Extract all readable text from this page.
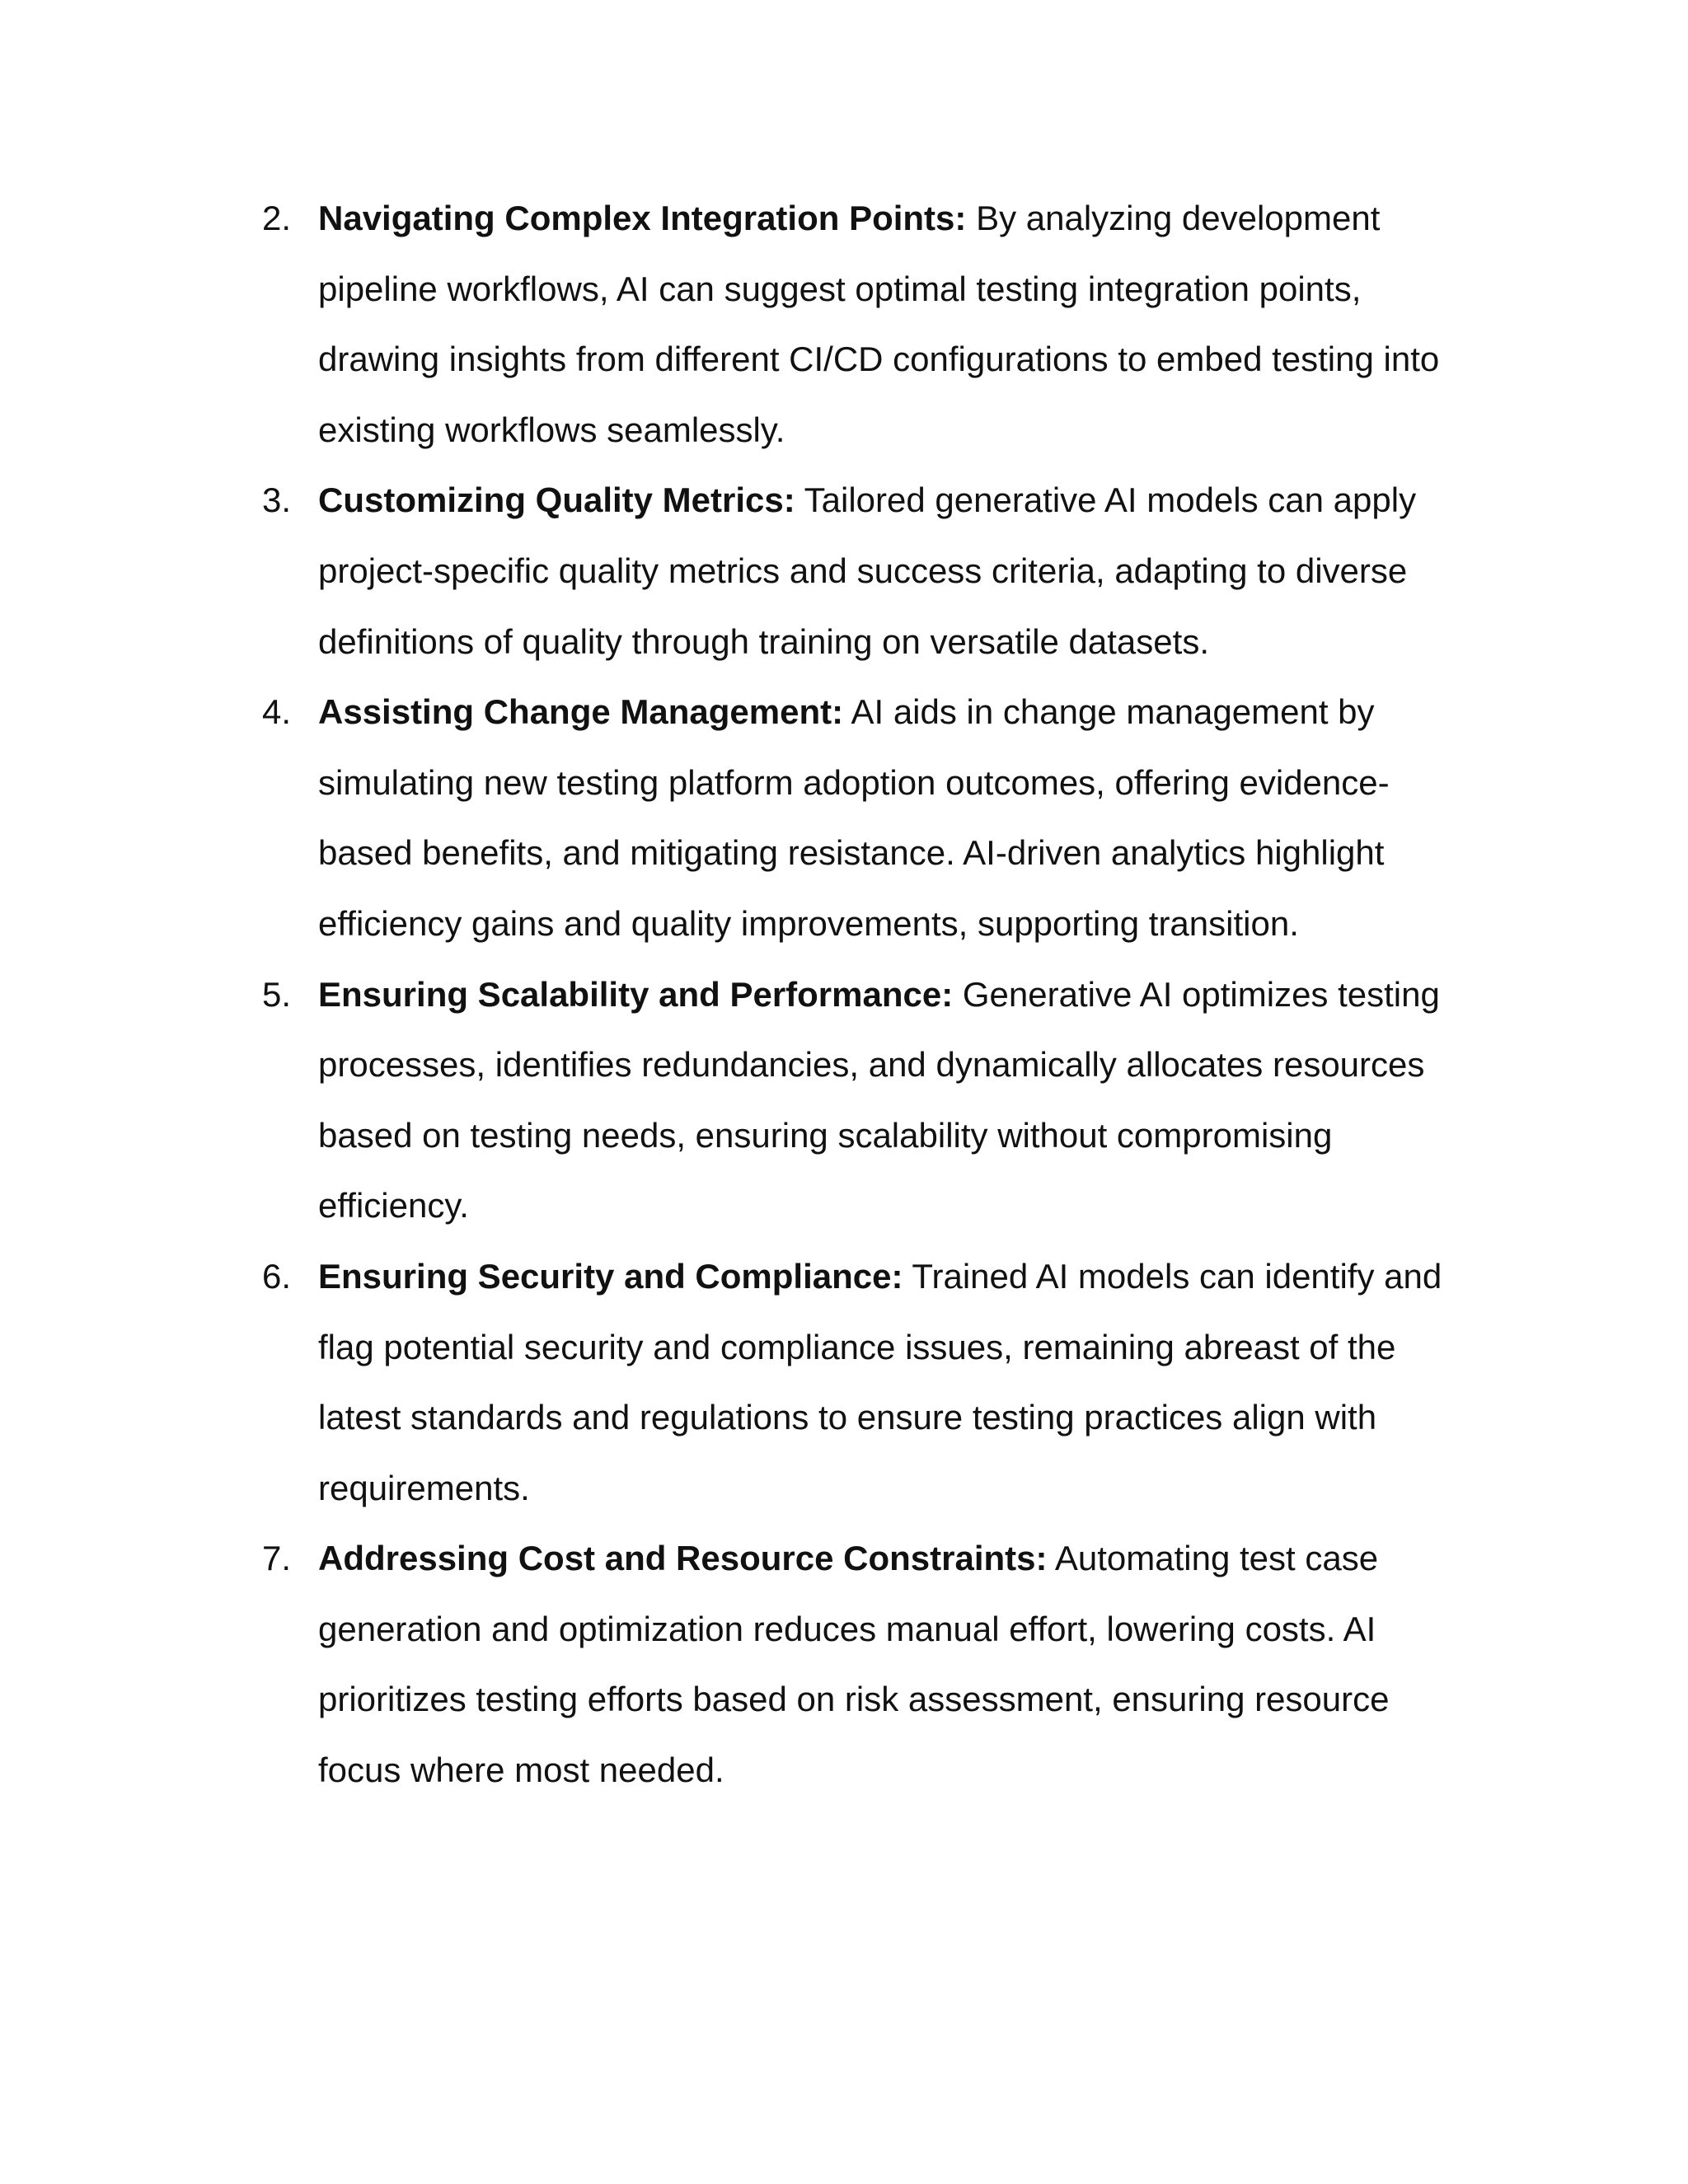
2. Navigating Complex Integration Points: By analyzing development pipeline workflows, AI can suggest optimal testing integration points, drawing insights from different CI/CD configurations to embed testing into existing workflows seamlessly.
3. Customizing Quality Metrics: Tailored generative AI models can apply project-specific quality metrics and success criteria, adapting to diverse definitions of quality through training on versatile datasets.
4. Assisting Change Management: AI aids in change management by simulating new testing platform adoption outcomes, offering evidence-based benefits, and mitigating resistance. AI-driven analytics highlight efficiency gains and quality improvements, supporting transition.
5. Ensuring Scalability and Performance: Generative AI optimizes testing processes, identifies redundancies, and dynamically allocates resources based on testing needs, ensuring scalability without compromising efficiency.
6. Ensuring Security and Compliance: Trained AI models can identify and flag potential security and compliance issues, remaining abreast of the latest standards and regulations to ensure testing practices align with requirements.
7. Addressing Cost and Resource Constraints: Automating test case generation and optimization reduces manual effort, lowering costs. AI prioritizes testing efforts based on risk assessment, ensuring resource focus where most needed.
